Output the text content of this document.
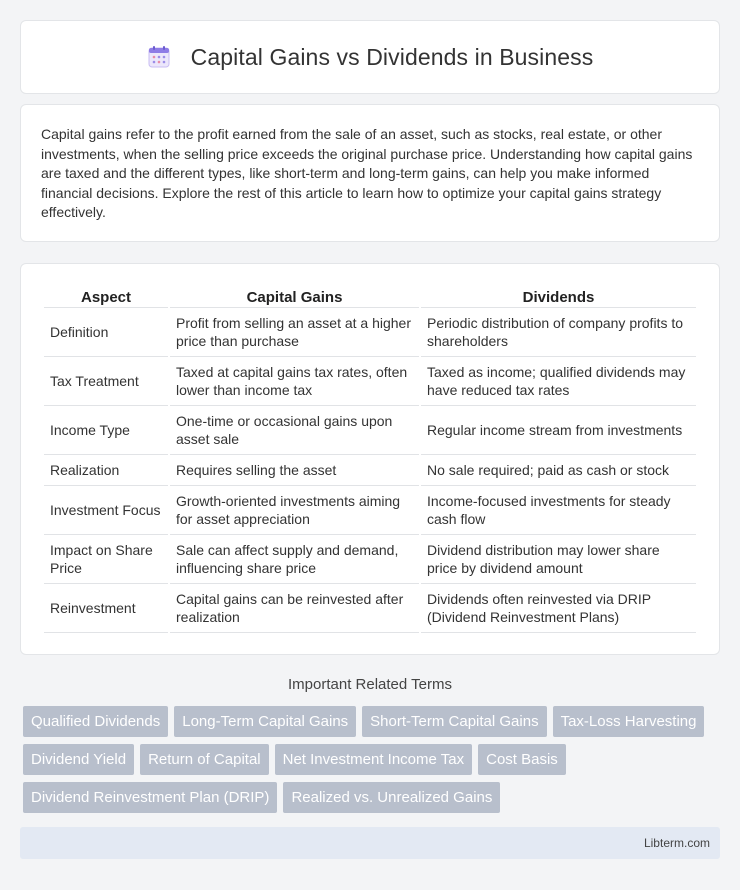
Capital Gains vs Dividends in Business

Capital gains refer to the profit earned from the sale of an asset, such as stocks, real estate, or other investments, when the selling price exceeds the original purchase price. Understanding how capital gains are taxed and the different types, like short-term and long-term gains, can help you make informed financial decisions. Explore the rest of this article to learn how to optimize your capital gains strategy effectively.

Aspect	Capital Gains	Dividends
Definition	Profit from selling an asset at a higher price than purchase	Periodic distribution of company profits to shareholders
Tax Treatment	Taxed at capital gains tax rates, often lower than income tax	Taxed as income; qualified dividends may have reduced tax rates
Income Type	One-time or occasional gains upon asset sale	Regular income stream from investments
Realization	Requires selling the asset	No sale required; paid as cash or stock
Investment Focus	Growth-oriented investments aiming for asset appreciation	Income-focused investments for steady cash flow
Impact on Share Price	Sale can affect supply and demand, influencing share price	Dividend distribution may lower share price by dividend amount
Reinvestment	Capital gains can be reinvested after realization	Dividends often reinvested via DRIP (Dividend Reinvestment Plans)
Important Related Terms
Qualified Dividends	Long-Term Capital Gains	Short-Term Capital Gains	Tax-Loss Harvesting
Dividend Yield	Return of Capital	Net Investment Income Tax	Cost Basis
Dividend Reinvestment Plan (DRIP)	Realized vs. Unrealized Gains
Libterm.com
